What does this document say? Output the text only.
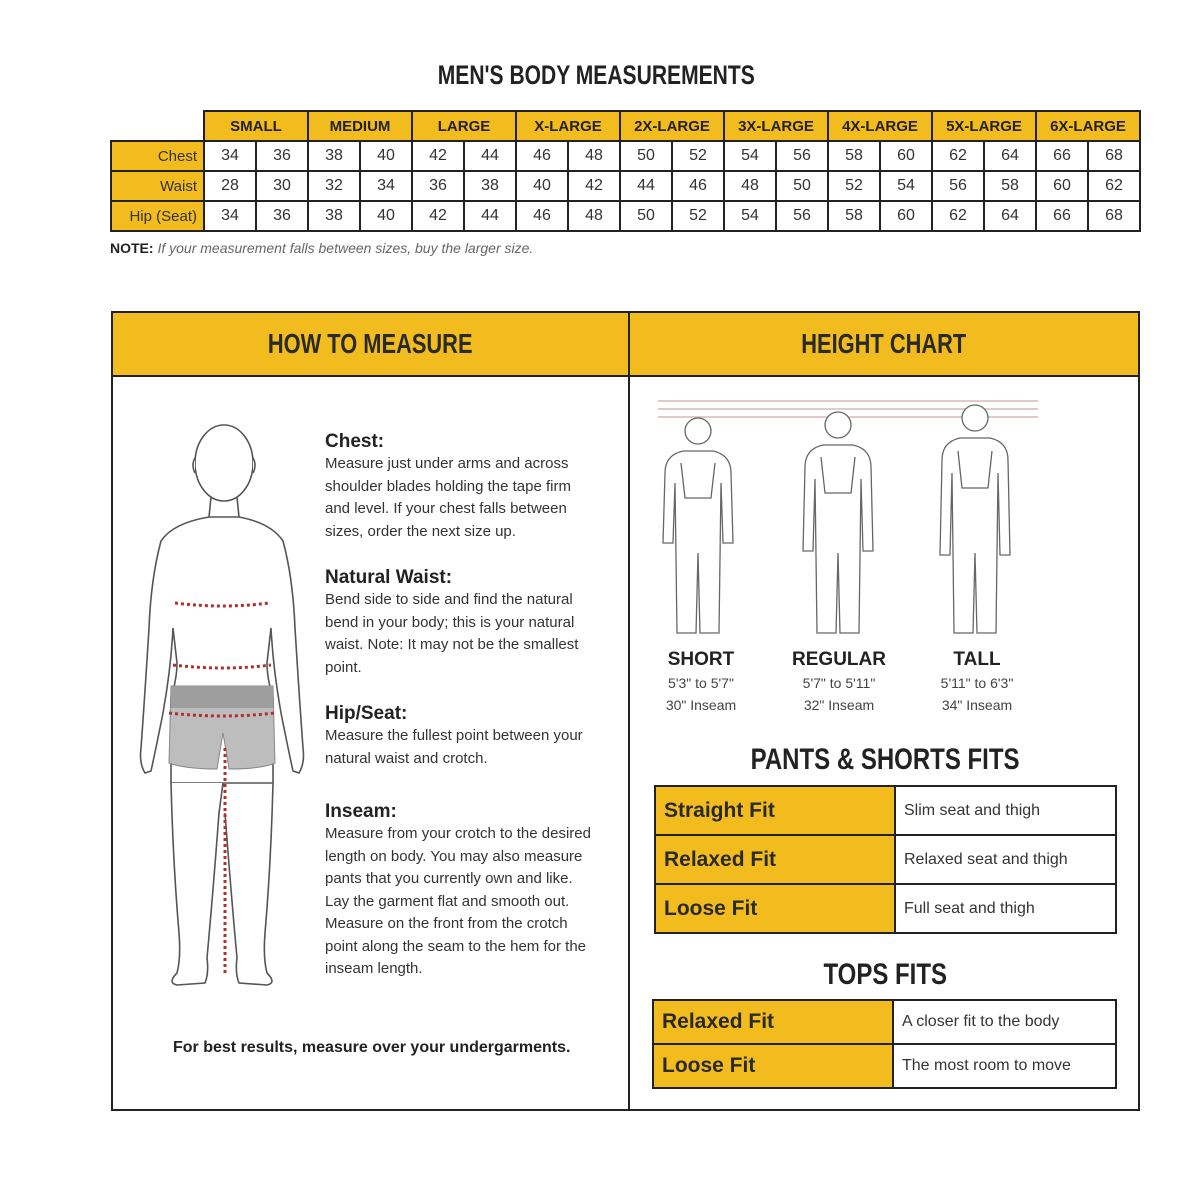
MEN'S BODY MEASUREMENTS
	SMALL		MEDIUM		LARGE		X-LARGE		2X-LARGE		3X-LARGE		4X-LARGE		5X-LARGE		6X-LARGE	
Chest	34	36	38	40	42	44	46	48	50	52	54	56	58	60	62	64	66	68
Waist	28	30	32	34	36	38	40	42	44	46	48	50	52	54	56	58	60	62
Hip (Seat)	34	36	38	40	42	44	46	48	50	52	54	56	58	60	62	64	66	68
NOTE: If your measurement falls between sizes, buy the larger size.
HOW TO MEASURE	HEIGHT CHART
Chest:
Measure just under arms and across shoulder blades holding the tape firm and level. If your chest falls between sizes, order the next size up.
Natural Waist:
Bend side to side and find the natural bend in your body; this is your natural waist. Note: It may not be the smallest point.
Hip/Seat:
Measure the fullest point between your natural waist and crotch.
Inseam:
Measure from your crotch to the desired length on body. You may also measure pants that you currently own and like. Lay the garment flat and smooth out. Measure on the front from the crotch point along the seam to the hem for the inseam length.
For best results, measure over your undergarments.
SHORT
5'3" to 5'7"
30" Inseam
REGULAR
5'7" to 5'11"
32" Inseam
TALL
5'11" to 6'3"
34" Inseam
PANTS & SHORTS FITS
Straight Fit	Slim seat and thigh
Relaxed Fit	Relaxed seat and thigh
Loose Fit	Full seat and thigh
TOPS FITS
Relaxed Fit	A closer fit to the body
Loose Fit	The most room to move
